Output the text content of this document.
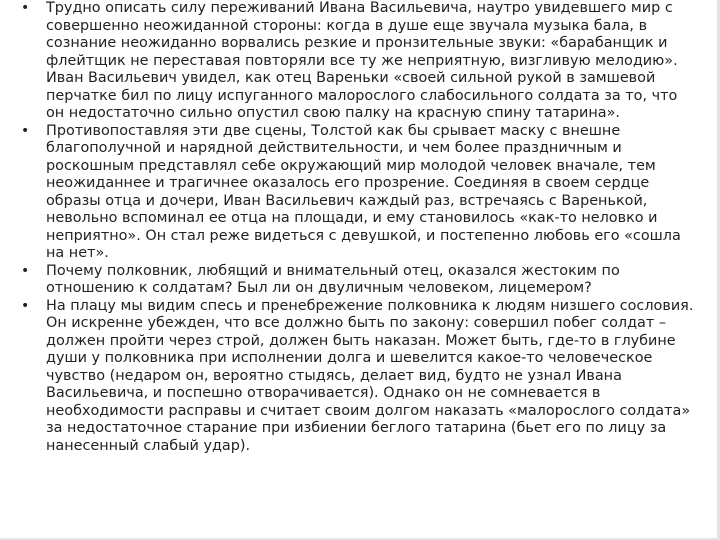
•	Трудно описать силу переживаний Ивана Васильевича, наутро увидевшего мир с совершенно неожиданной стороны: когда в душе еще звучала музыка бала, в сознание неожиданно ворвались резкие и пронзительные звуки: «барабанщик и флейтщик не переставая повторяли все ту же неприятную, визгливую мелодию». Иван Васильевич увидел, как отец Вареньки «своей сильной рукой в замшевой перчатке бил по лицу испуганного малорослого слабосильного солдата за то, что он недостаточно сильно опустил свою палку на красную спину татарина».
•	Противопоставляя эти две сцены, Толстой как бы срывает маску с внешне благополучной и нарядной действительности, и чем более праздничным и роскошным представлял себе окружающий мир молодой человек вначале, тем неожиданнее и трагичнее оказалось его прозрение. Соединяя в своем сердце образы отца и дочери, Иван Васильевич каждый раз, встречаясь с Варенькой, невольно вспоминал ее отца на площади, и ему становилось «как-то неловко и неприятно». Он стал реже видеться с девушкой, и постепенно любовь его «сошла на нет».
•	Почему полковник, любящий и внимательный отец, оказался жестоким по отношению к солдатам? Был ли он двуличным человеком, лицемером?
•	На плацу мы видим спесь и пренебрежение полковника к людям низшего сословия. Он искренне убежден, что все должно быть по закону: совершил побег солдат – должен пройти через строй, должен быть наказан. Может быть, где-то в глубине души у полковника при исполнении долга и шевелится какое-то человеческое чувство (недаром он, вероятно стыдясь, делает вид, будто не узнал Ивана Васильевича, и поспешно отворачивается). Однако он не сомневается в необходимости расправы и считает своим долгом наказать «малорослого солдата» за недостаточное старание при избиении беглого татарина (бьет его по лицу за нанесенный слабый удар).
